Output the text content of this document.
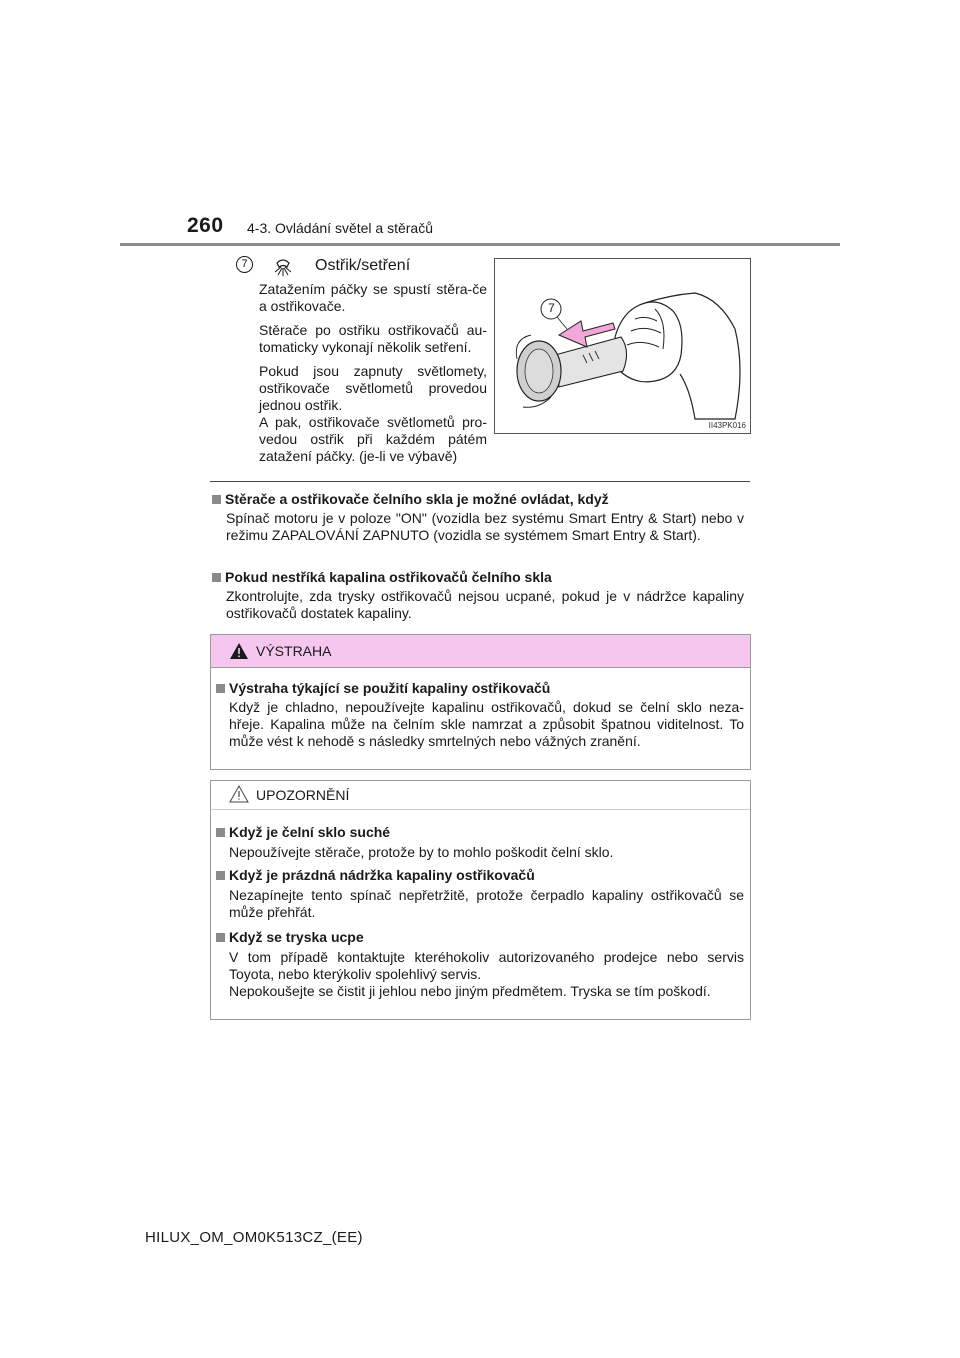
260 4-3. Ovládání světel a stěračů
7	Ostřik/setření
Zatažením páčky se spustí stěra-če a ostřikovače.
Stěrače po ostřiku ostřikovačů au-tomaticky vykonají několik setření.
Pokud jsou zapnuty světlomety, ostřikovače světlometů provedou jednou ostřik.
A pak, ostřikovače světlometů pro-vedou ostřik při každém pátém zatažení páčky. (je-li ve výbavě)
7
II43PK016
Stěrače a ostřikovače čelního skla je možné ovládat, když
Spínač motoru je v poloze "ON" (vozidla bez systému Smart Entry & Start) nebo v režimu ZAPALOVÁNÍ ZAPNUTO (vozidla se systémem Smart Entry & Start).
Pokud nestříká kapalina ostřikovačů čelního skla
Zkontrolujte, zda trysky ostřikovačů nejsou ucpané, pokud je v nádržce kapaliny ostřikovačů dostatek kapaliny.
VÝSTRAHA
Výstraha týkající se použití kapaliny ostřikovačů
Když je chladno, nepoužívejte kapalinu ostřikovačů, dokud se čelní sklo neza-hřeje. Kapalina může na čelním skle namrzat a způsobit špatnou viditelnost. To může vést k nehodě s následky smrtelných nebo vážných zranění.
UPOZORNĚNÍ
Když je čelní sklo suché
Nepoužívejte stěrače, protože by to mohlo poškodit čelní sklo.
Když je prázdná nádržka kapaliny ostřikovačů
Nezapínejte tento spínač nepřetržitě, protože čerpadlo kapaliny ostřikovačů se může přehřát.
Když se tryska ucpe
V tom případě kontaktujte kteréhokoliv autorizovaného prodejce nebo servis Toyota, nebo kterýkoliv spolehlivý servis.
Nepokoušejte se čistit ji jehlou nebo jiným předmětem. Tryska se tím poškodí.
HILUX_OM_OM0K513CZ_(EE)
